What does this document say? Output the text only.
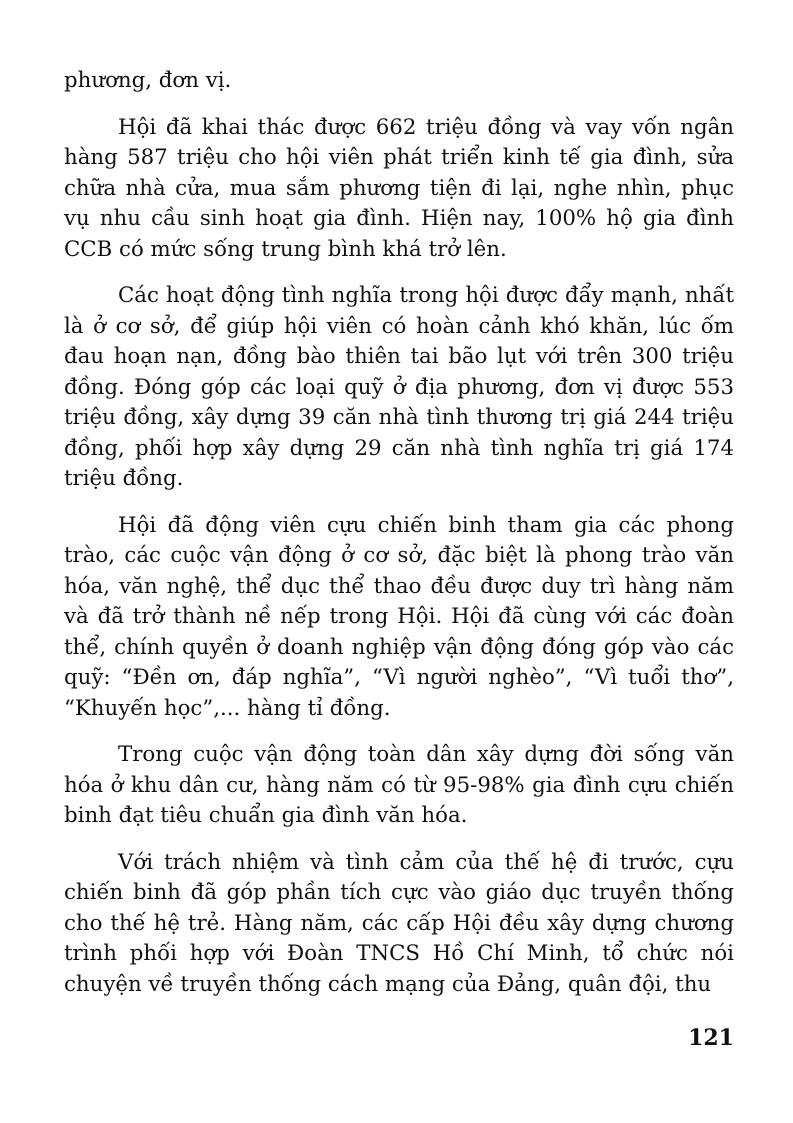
phương, đơn vị.

Hội đã khai thác được 662 triệu đồng và vay vốn ngân hàng 587 triệu cho hội viên phát triển kinh tế gia đình, sửa chữa nhà cửa, mua sắm phương tiện đi lại, nghe nhìn, phục vụ nhu cầu sinh hoạt gia đình. Hiện nay, 100% hộ gia đình CCB có mức sống trung bình khá trở lên.

Các hoạt động tình nghĩa trong hội được đẩy mạnh, nhất là ở cơ sở, để giúp hội viên có hoàn cảnh khó khăn, lúc ốm đau hoạn nạn, đồng bào thiên tai bão lụt với trên 300 triệu đồng. Đóng góp các loại quỹ ở địa phương, đơn vị được 553 triệu đồng, xây dựng 39 căn nhà tình thương trị giá 244 triệu đồng, phối hợp xây dựng 29 căn nhà tình nghĩa trị giá 174 triệu đồng.

Hội đã động viên cựu chiến binh tham gia các phong trào, các cuộc vận động ở cơ sở, đặc biệt là phong trào văn hóa, văn nghệ, thể dục thể thao đều được duy trì hàng năm và đã trở thành nề nếp trong Hội. Hội đã cùng với các đoàn thể, chính quyền ở doanh nghiệp vận động đóng góp vào các quỹ: “Đền ơn, đáp nghĩa”, “Vì người nghèo”, “Vì tuổi thơ”, “Khuyến học”,... hàng tỉ đồng.

Trong cuộc vận động toàn dân xây dựng đời sống văn hóa ở khu dân cư, hàng năm có từ 95-98% gia đình cựu chiến binh đạt tiêu chuẩn gia đình văn hóa.

Với trách nhiệm và tình cảm của thế hệ đi trước, cựu chiến binh đã góp phần tích cực vào giáo dục truyền thống cho thế hệ trẻ. Hàng năm, các cấp Hội đều xây dựng chương trình phối hợp với Đoàn TNCS Hồ Chí Minh, tổ chức nói chuyện về truyền thống cách mạng của Đảng, quân đội, thu

121
